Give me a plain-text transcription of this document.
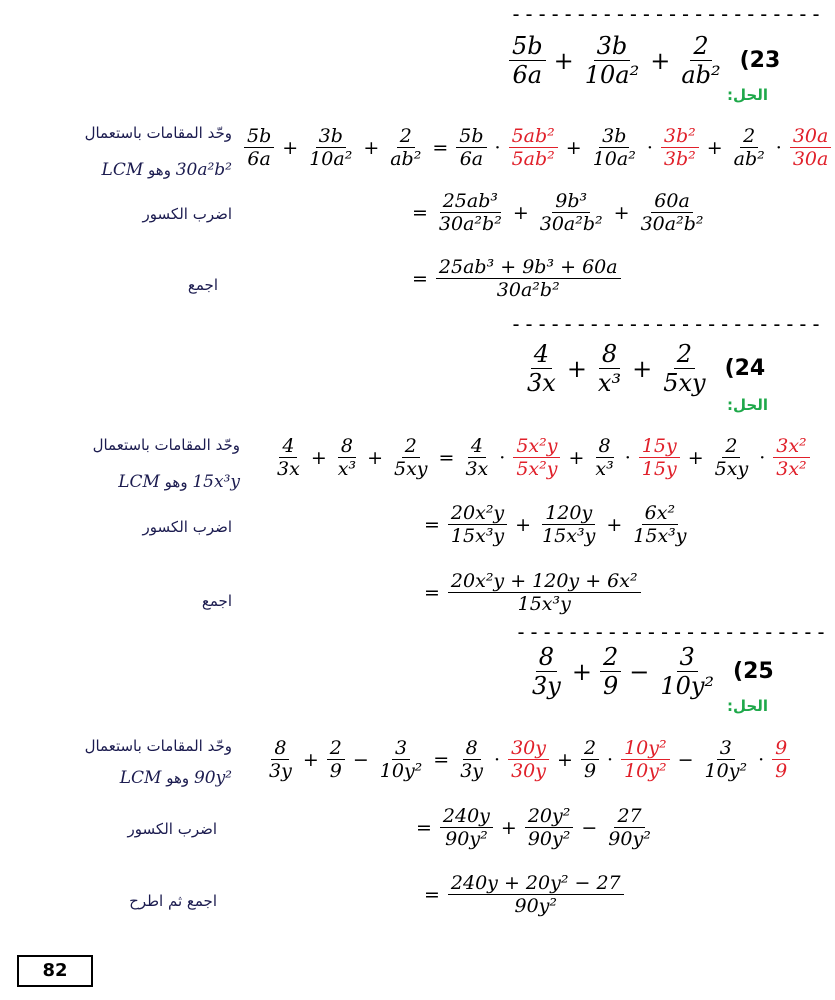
------------------------
$\frac{5b}{6a} + \frac{3b}{\text{10a²}} + \frac{2}{\text{ab²}} (23$
الحل:
وحّد المقامات باستعمال
30a²b² وهو LCM	$\frac{5b}{6a} + \frac{3b}{\text{10a²}} + \frac{2}{\text{ab²}} = \frac{5b}{6a} \cdot \frac{\text{5ab²}}{\text{5ab²}} + \frac{3b}{\text{10a²}} \cdot \frac{\text{3b²}}{\text{3b²}} + \frac{2}{\text{ab²}} \cdot \frac{30a}{30a}$
اضرب الكسور	= $\frac{\text{25ab³}}{\text{30a²b²}} + \frac{\text{9b³}}{\text{30a²b²}} + \frac{60a}{\text{30a²b²}}$
اجمع	= $\frac{\text{25ab³ + 9b³ + 60a}}{\text{30a²b²}}$
------------------------
$\frac{4}{3x} + \frac{8}{\text{x³}} + \frac{2}{5xy} (24$
الحل:
وحّد المقامات باستعمال
15x³y وهو LCM
$\frac{4}{3x} + \frac{8}{\text{x³}} + \frac{2}{5xy} = \frac{4}{3x} \cdot \frac{\text{5x²y}}{\text{5x²y}} + \frac{8}{\text{x³}} \cdot \frac{15y}{15y} + \frac{2}{5xy} \cdot \frac{\text{3x²}}{\text{3x²}}$
اضرب الكسور	= $\frac{\text{20x²y}}{\text{15x³y}} + \frac{120y}{\text{15x³y}} + \frac{\text{6x²}}{\text{15x³y}}$
اجمع	= $\frac{\text{20x²y + 120y + 6x²}}{\text{15x³y}}$
------------------------
$\frac{8}{3y} + \frac{2}{9} - \frac{3}{\text{10y²}} (25$
الحل:
وحّد المقامات باستعمال
90y² وهو LCM	$\frac{8}{3y} + \frac{2}{9} - \frac{3}{\text{10y²}} = \frac{8}{3y} \cdot \frac{30y}{30y} + \frac{2}{9} \cdot \frac{\text{10y²}}{\text{10y²}} - \frac{3}{\text{10y²}} \cdot \frac{9}{9}$
اضرب الكسور	= $\frac{240y}{\text{90y²}} + \frac{\text{20y²}}{\text{90y²}} - \frac{27}{\text{90y²}}$
اجمع ثم اطرح	= $\frac{\text{240y + 20y² − 27}}{\text{90y²}}$
82
